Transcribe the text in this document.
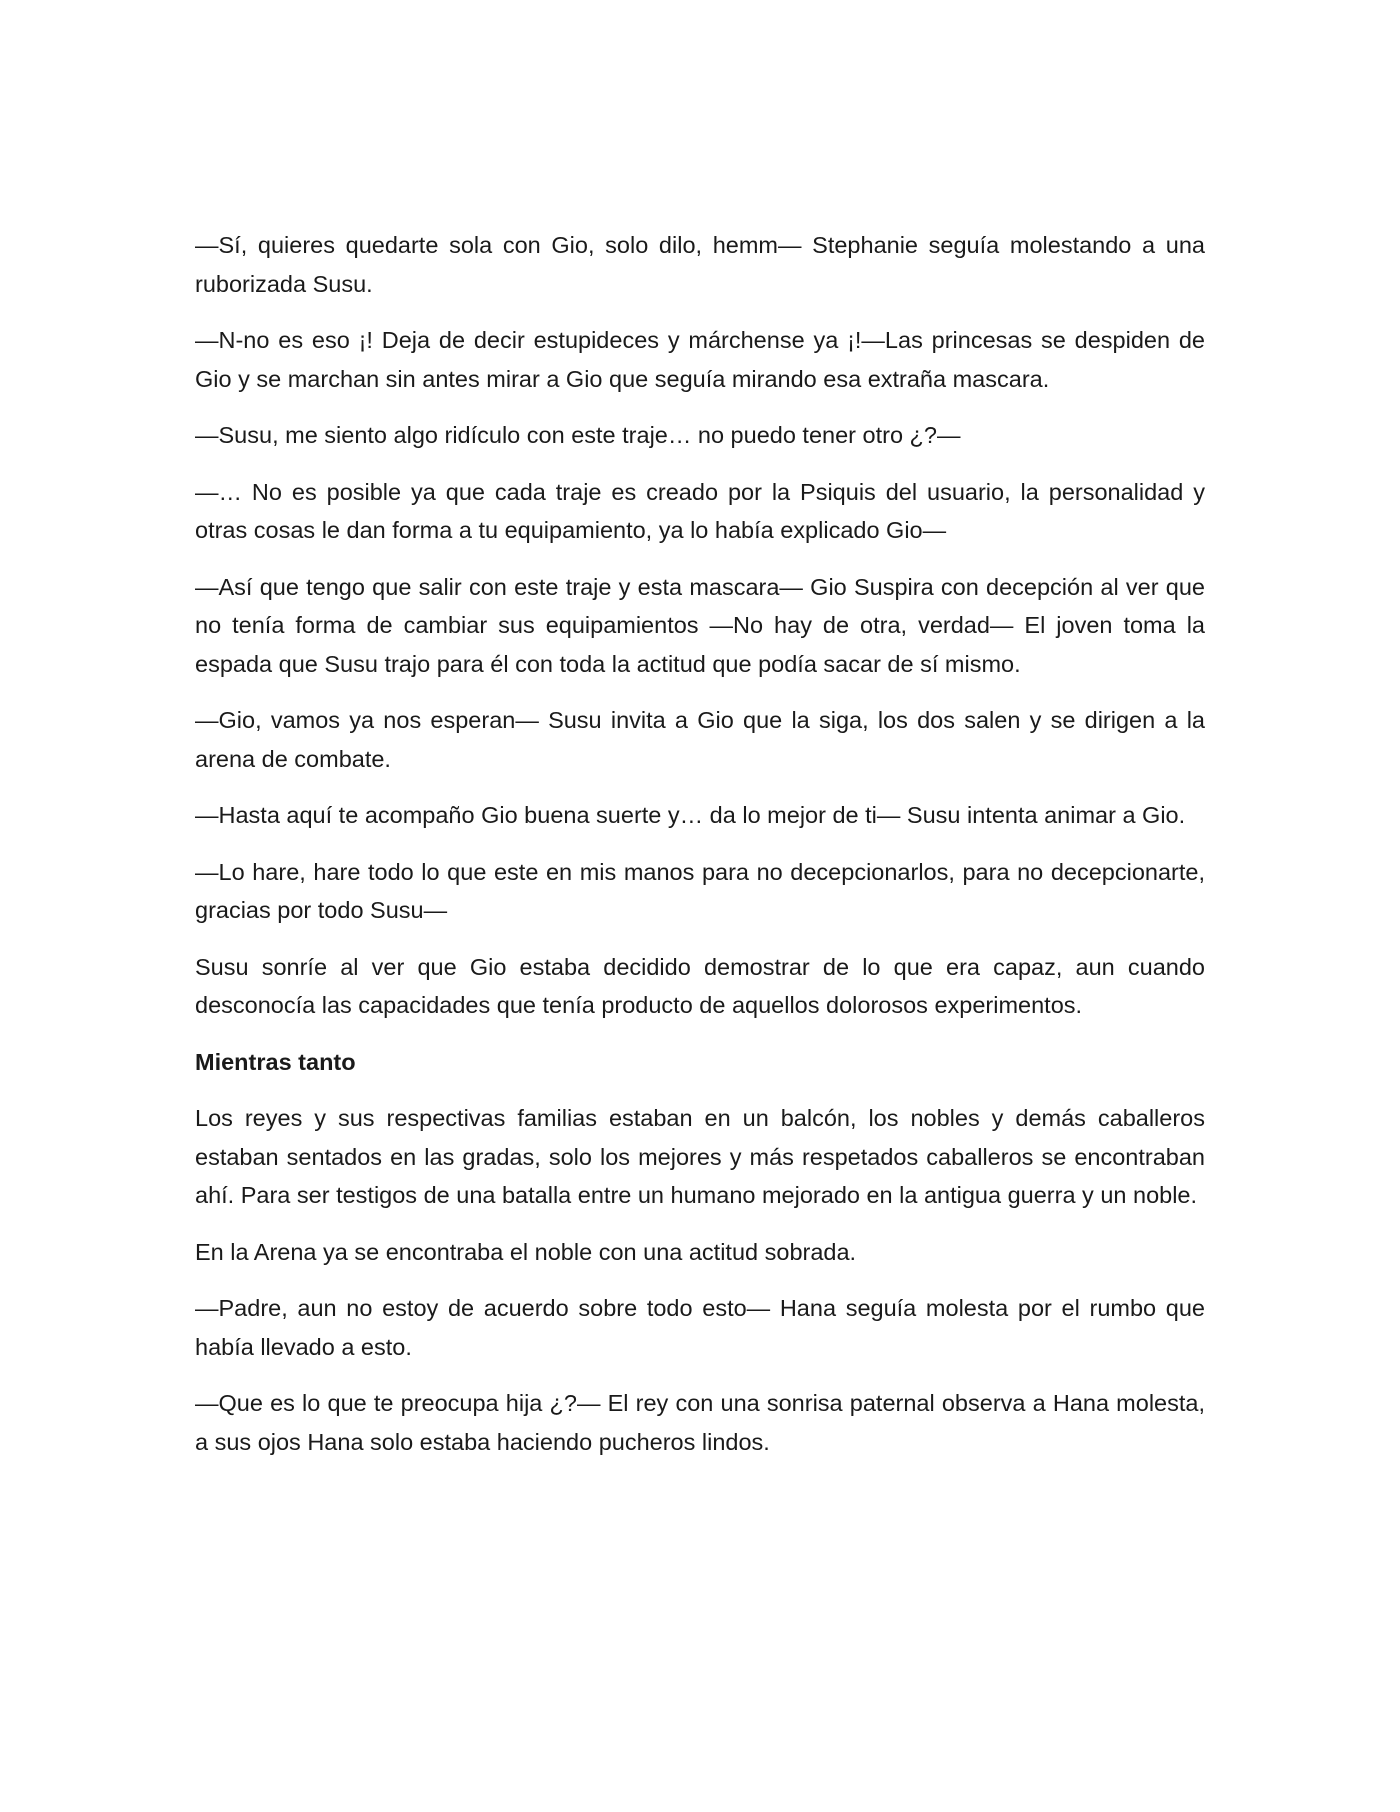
—Sí, quieres quedarte sola con Gio, solo dilo, hemm— Stephanie seguía molestando a una ruborizada Susu.

—N-no es eso ¡! Deja de decir estupideces y márchense ya ¡!—Las princesas se despiden de Gio y se marchan sin antes mirar a Gio que seguía mirando esa extraña mascara.

—Susu, me siento algo ridículo con este traje… no puedo tener otro ¿?—

—… No es posible ya que cada traje es creado por la Psiquis del usuario, la personalidad y otras cosas le dan forma a tu equipamiento, ya lo había explicado Gio—

—Así que tengo que salir con este traje y esta mascara— Gio Suspira con decepción al ver que no tenía forma de cambiar sus equipamientos —No hay de otra, verdad— El joven toma la espada que Susu trajo para él con toda la actitud que podía sacar de sí mismo.

—Gio, vamos ya nos esperan— Susu invita a Gio que la siga, los dos salen y se dirigen a la arena de combate.

—Hasta aquí te acompaño Gio buena suerte y… da lo mejor de ti— Susu intenta animar a Gio.

—Lo hare, hare todo lo que este en mis manos para no decepcionarlos, para no decepcionarte, gracias por todo Susu—

Susu sonríe al ver que Gio estaba decidido demostrar de lo que era capaz, aun cuando desconocía las capacidades que tenía producto de aquellos dolorosos experimentos.

Mientras tanto

Los reyes y sus respectivas familias estaban en un balcón, los nobles y demás caballeros estaban sentados en las gradas, solo los mejores y más respetados caballeros se encontraban ahí. Para ser testigos de una batalla entre un humano mejorado en la antigua guerra y un noble.

En la Arena ya se encontraba el noble con una actitud sobrada.

—Padre, aun no estoy de acuerdo sobre todo esto— Hana seguía molesta por el rumbo que había llevado a esto.

—Que es lo que te preocupa hija ¿?— El rey con una sonrisa paternal observa a Hana molesta, a sus ojos Hana solo estaba haciendo pucheros lindos.
